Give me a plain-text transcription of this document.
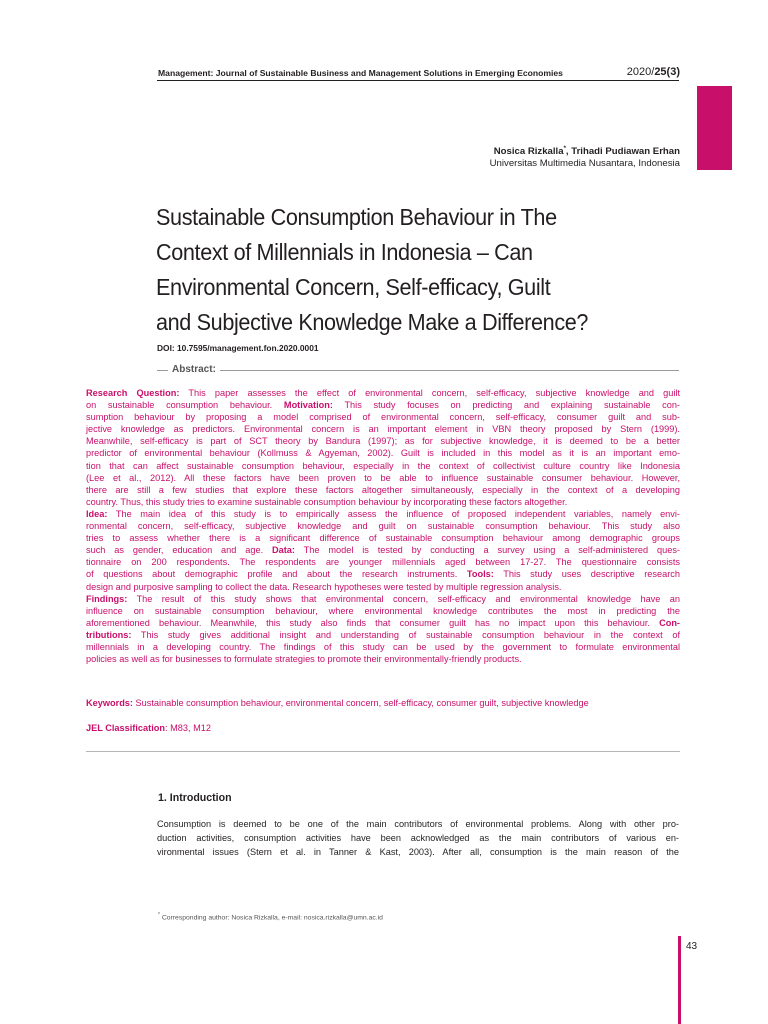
Management: Journal of Sustainable Business and Management Solutions in Emerging Economies	2020/25(3)
Nosica Rizkalla*, Trihadi Pudiawan Erhan
Universitas Multimedia Nusantara, Indonesia
Sustainable Consumption Behaviour in The
Context of Millennials in Indonesia – Can
Environmental Concern, Self-efficacy, Guilt
and Subjective Knowledge Make a Difference?
DOI: 10.7595/management.fon.2020.0001
Abstract:
Research Question: This paper assesses the effect of environmental concern, self-efficacy, subjective knowledge and guilt
on sustainable consumption behaviour. Motivation: This study focuses on predicting and explaining sustainable con-
sumption behaviour by proposing a model comprised of environmental concern, self-efficacy, consumer guilt and sub-
jective knowledge as predictors. Environmental concern is an important element in VBN theory proposed by Stern (1999).
Meanwhile, self-efficacy is part of SCT theory by Bandura (1997); as for subjective knowledge, it is deemed to be a better
predictor of environmental behaviour (Kollmuss & Agyeman, 2002). Guilt is included in this model as it is an important emo-
tion that can affect sustainable consumption behaviour, especially in the context of collectivist culture country like Indonesia
(Lee et al., 2012). All these factors have been proven to be able to influence sustainable consumer behaviour. However,
there are still a few studies that explore these factors altogether simultaneously, especially in the context of a developing
country. Thus, this study tries to examine sustainable consumption behaviour by incorporating these factors altogether.
Idea: The main idea of this study is to empirically assess the influence of proposed independent variables, namely envi-
ronmental concern, self-efficacy, subjective knowledge and guilt on sustainable consumption behaviour. This study also
tries to assess whether there is a significant difference of sustainable consumption behaviour among demographic groups
such as gender, education and age. Data: The model is tested by conducting a survey using a self-administered ques-
tionnaire on 200 respondents. The respondents are younger millennials aged between 17-27. The questionnaire consists
of questions about demographic profile and about the research instruments. Tools: This study uses descriptive research
design and purposive sampling to collect the data. Research hypotheses were tested by multiple regression analysis.
Findings: The result of this study shows that environmental concern, self-efficacy and environmental knowledge have an
influence on sustainable consumption behaviour, where environmental knowledge contributes the most in predicting the
aforementioned behaviour. Meanwhile, this study also finds that consumer guilt has no impact upon this behaviour. Con-
tributions: This study gives additional insight and understanding of sustainable consumption behaviour in the context of
millennials in a developing country. The findings of this study can be used by the government to formulate environmental
policies as well as for businesses to formulate strategies to promote their environmentally-friendly products.
Keywords: Sustainable consumption behaviour, environmental concern, self-efficacy, consumer guilt, subjective knowledge
JEL Classification: M83, M12
1. Introduction
Consumption is deemed to be one of the main contributors of environmental problems. Along with other pro-
duction activities, consumption activities have been acknowledged as the main contributors of various en-
vironmental issues (Stern et al. in Tanner & Kast, 2003). After all, consumption is the main reason of the
* Corresponding author: Nosica Rizkalla, e-mail: nosica.rizkalla@umn.ac.id
43
